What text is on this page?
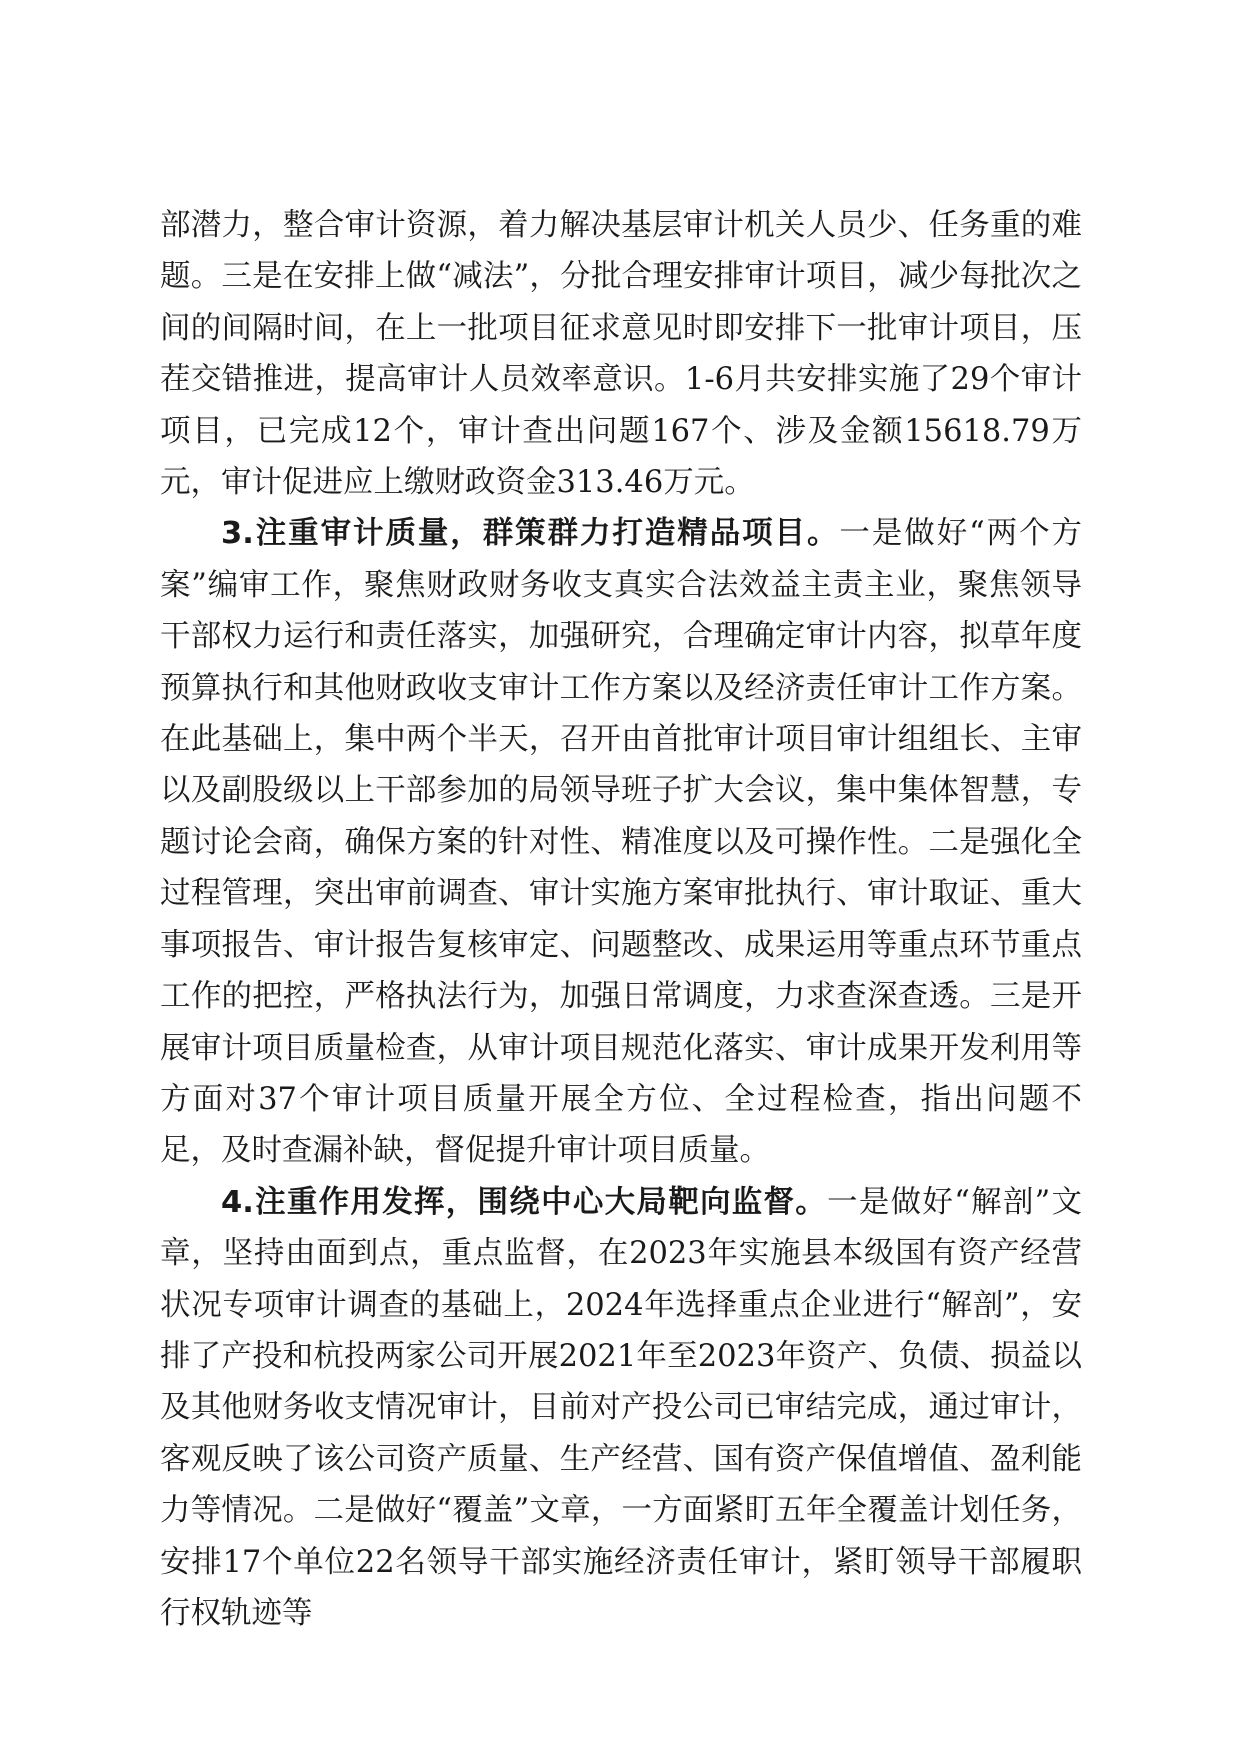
部潜力，整合审计资源，着力解决基层审计机关人员少、任务重的难题。三是在安排上做“减法”，分批合理安排审计项目，减少每批次之间的间隔时间，在上一批项目征求意见时即安排下一批审计项目，压茬交错推进，提高审计人员效率意识。1-6月共安排实施了29个审计项目，已完成12个，审计查出问题167个、涉及金额15618.79万元，审计促进应上缴财政资金313.46万元。

3.注重审计质量，群策群力打造精品项目。一是做好“两个方案”编审工作，聚焦财政财务收支真实合法效益主责主业，聚焦领导干部权力运行和责任落实，加强研究，合理确定审计内容，拟草年度预算执行和其他财政收支审计工作方案以及经济责任审计工作方案。在此基础上，集中两个半天，召开由首批审计项目审计组组长、主审以及副股级以上干部参加的局领导班子扩大会议，集中集体智慧，专题讨论会商，确保方案的针对性、精准度以及可操作性。二是强化全过程管理，突出审前调查、审计实施方案审批执行、审计取证、重大事项报告、审计报告复核审定、问题整改、成果运用等重点环节重点工作的把控，严格执法行为，加强日常调度，力求查深查透。三是开展审计项目质量检查，从审计项目规范化落实、审计成果开发利用等方面对37个审计项目质量开展全方位、全过程检查，指出问题不足，及时查漏补缺，督促提升审计项目质量。

4.注重作用发挥，围绕中心大局靶向监督。一是做好“解剖”文章，坚持由面到点，重点监督，在2023年实施县本级国有资产经营状况专项审计调查的基础上，2024年选择重点企业进行“解剖”，安排了产投和杭投两家公司开展2021年至2023年资产、负债、损益以及其他财务收支情况审计，目前对产投公司已审结完成，通过审计，客观反映了该公司资产质量、生产经营、国有资产保值增值、盈利能力等情况。二是做好“覆盖”文章，一方面紧盯五年全覆盖计划任务，安排17个单位22名领导干部实施经济责任审计，紧盯领导干部履职行权轨迹等
